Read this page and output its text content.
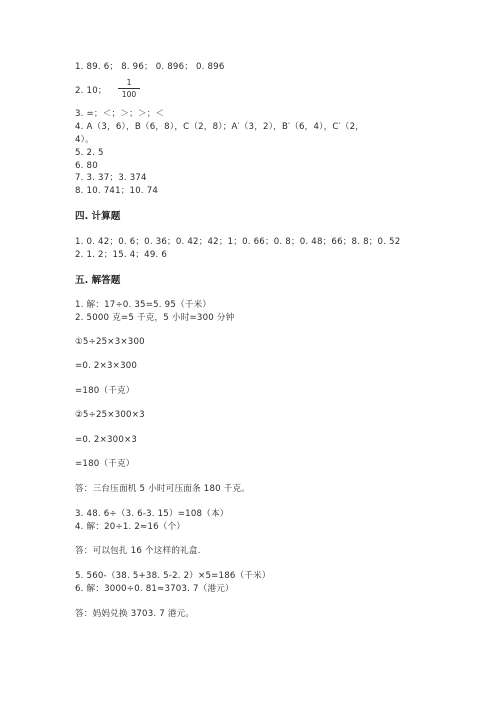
1. 89. 6； 8. 96； 0. 896； 0. 896
2. 10； $\frac{1}{100}$
3. =；＜；＞；＞；＜
4. A（3，6），B（6，8），C（2，8）；A′（3，2），B′（6，4），C′（2，
4）。
5. 2. 5
6. 80
7. 3. 37；3. 374
8. 10. 741；10. 74
四. 计算题
1. 0. 42；0. 6；0. 36；0. 42；42；1；0. 66；0. 8；0. 48；66；8. 8；0. 52
2. 1. 2；15. 4；49. 6
五. 解答题
1. 解：17÷0. 35=5. 95（千米）
2. 5000 克=5 千克，5 小时=300 分钟
①5÷25×3×300
=0. 2×3×300
=180（千克）
②5÷25×300×3
=0. 2×300×3
=180（千克）
答：三台压面机 5 小时可压面条 180 千克。
3. 48. 6÷（3. 6-3. 15）=108（本）
4. 解：20÷1. 2≈16（个）
答：可以包扎 16 个这样的礼盒.
5. 560-（38. 5+38. 5-2. 2）×5=186（千米）
6. 解：3000÷0. 81≈3703. 7（港元）
答：妈妈兑换 3703. 7 港元。
